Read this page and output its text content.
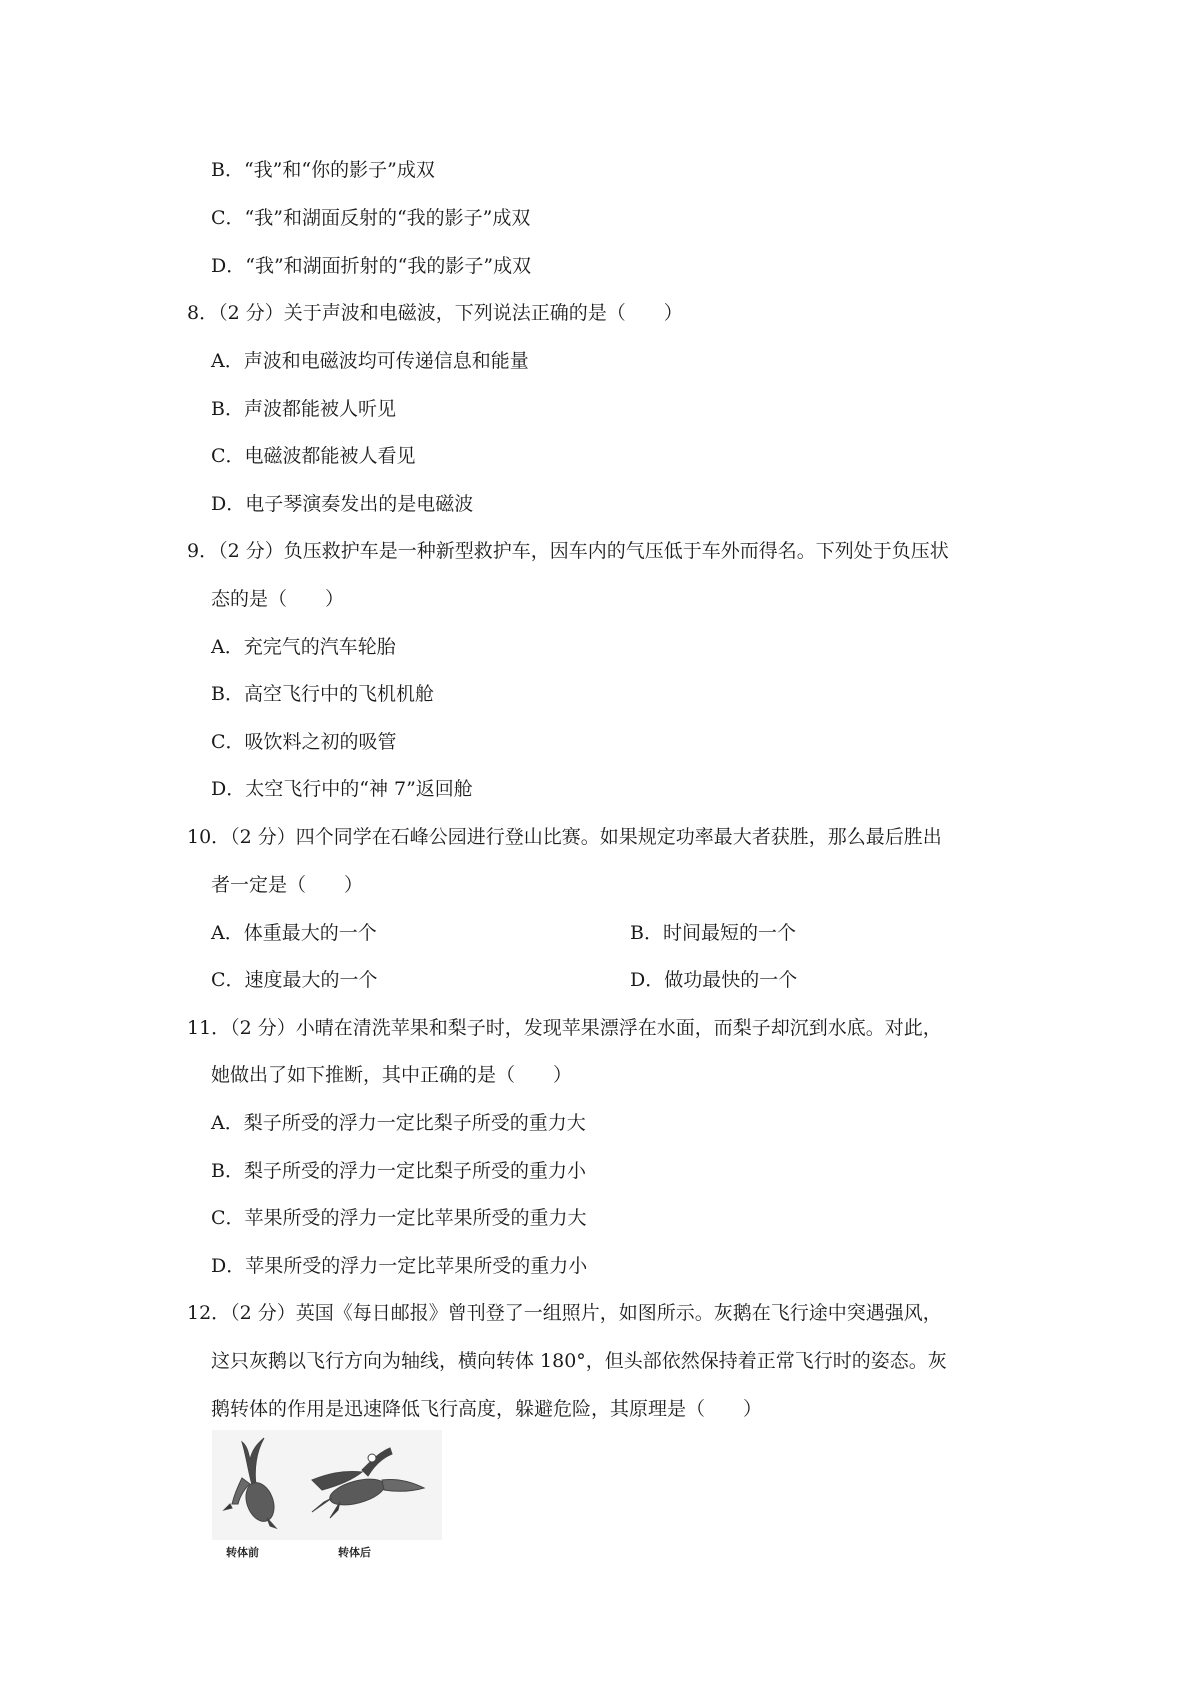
B．“我”和“你的影子”成双
C．“我”和湖面反射的“我的影子”成双
D．“我”和湖面折射的“我的影子”成双
8．（2 分）关于声波和电磁波，下列说法正确的是（　　）
A．声波和电磁波均可传递信息和能量
B．声波都能被人听见
C．电磁波都能被人看见
D．电子琴演奏发出的是电磁波
9．（2 分）负压救护车是一种新型救护车，因车内的气压低于车外而得名。下列处于负压状
态的是（　　）
A．充完气的汽车轮胎
B．高空飞行中的飞机机舱
C．吸饮料之初的吸管
D．太空飞行中的“神 7”返回舱
10．（2 分）四个同学在石峰公园进行登山比赛。如果规定功率最大者获胜，那么最后胜出
者一定是（　　）
A．体重最大的一个	B．时间最短的一个
C．速度最大的一个	D．做功最快的一个
11．（2 分）小晴在清洗苹果和梨子时，发现苹果漂浮在水面，而梨子却沉到水底。对此，
她做出了如下推断，其中正确的是（　　）
A．梨子所受的浮力一定比梨子所受的重力大
B．梨子所受的浮力一定比梨子所受的重力小
C．苹果所受的浮力一定比苹果所受的重力大
D．苹果所受的浮力一定比苹果所受的重力小
12．（2 分）英国《每日邮报》曾刊登了一组照片，如图所示。灰鹅在飞行途中突遇强风，
这只灰鹅以飞行方向为轴线，横向转体 180°，但头部依然保持着正常飞行时的姿态。灰
鹅转体的作用是迅速降低飞行高度，躲避危险，其原理是（　　）
转体前	转体后
